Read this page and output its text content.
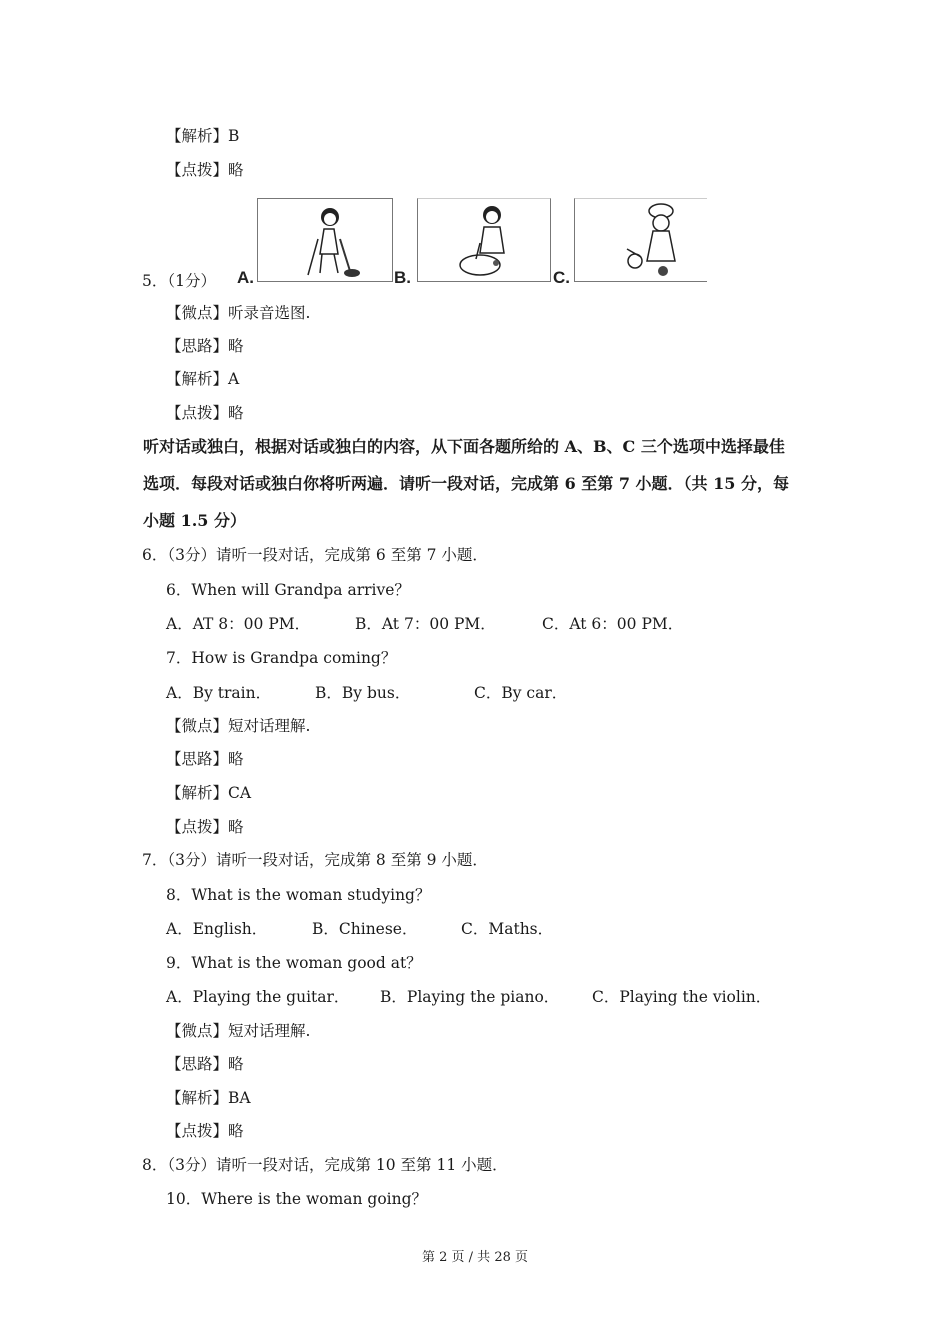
【解析】B
【点拨】略
5．（1分） A.	B.	C.
【微点】听录音选图.
【思路】略
【解析】A
【点拨】略
听对话或独白，根据对话或独白的内容，从下面各题所给的 A、B、C 三个选项中选择最佳
选项．每段对话或独白你将听两遍．请听一段对话，完成第 6 至第 7 小题．（共 15 分，每
小题 1.5 分）
6．（3分）请听一段对话，完成第 6 至第 7 小题．
6．When will Grandpa arrive？
A．AT 8：00 PM．	B．At 7：00 PM．	C．At 6：00 PM．
7．How is Grandpa coming？
A．By train．	B．By bus．	C．By car．
【微点】短对话理解.
【思路】略
【解析】CA
【点拨】略
7．（3分）请听一段对话，完成第 8 至第 9 小题．
8．What is the woman studying？
A．English．	B．Chinese．	C．Maths．
9．What is the woman good at？
A．Playing the guitar． B．Playing the piano． C．Playing the violin．
【微点】短对话理解.
【思路】略
【解析】BA
【点拨】略
8．（3分）请听一段对话，完成第 10 至第 11 小题．
10．Where is the woman going？
第 2 页 / 共 28 页
